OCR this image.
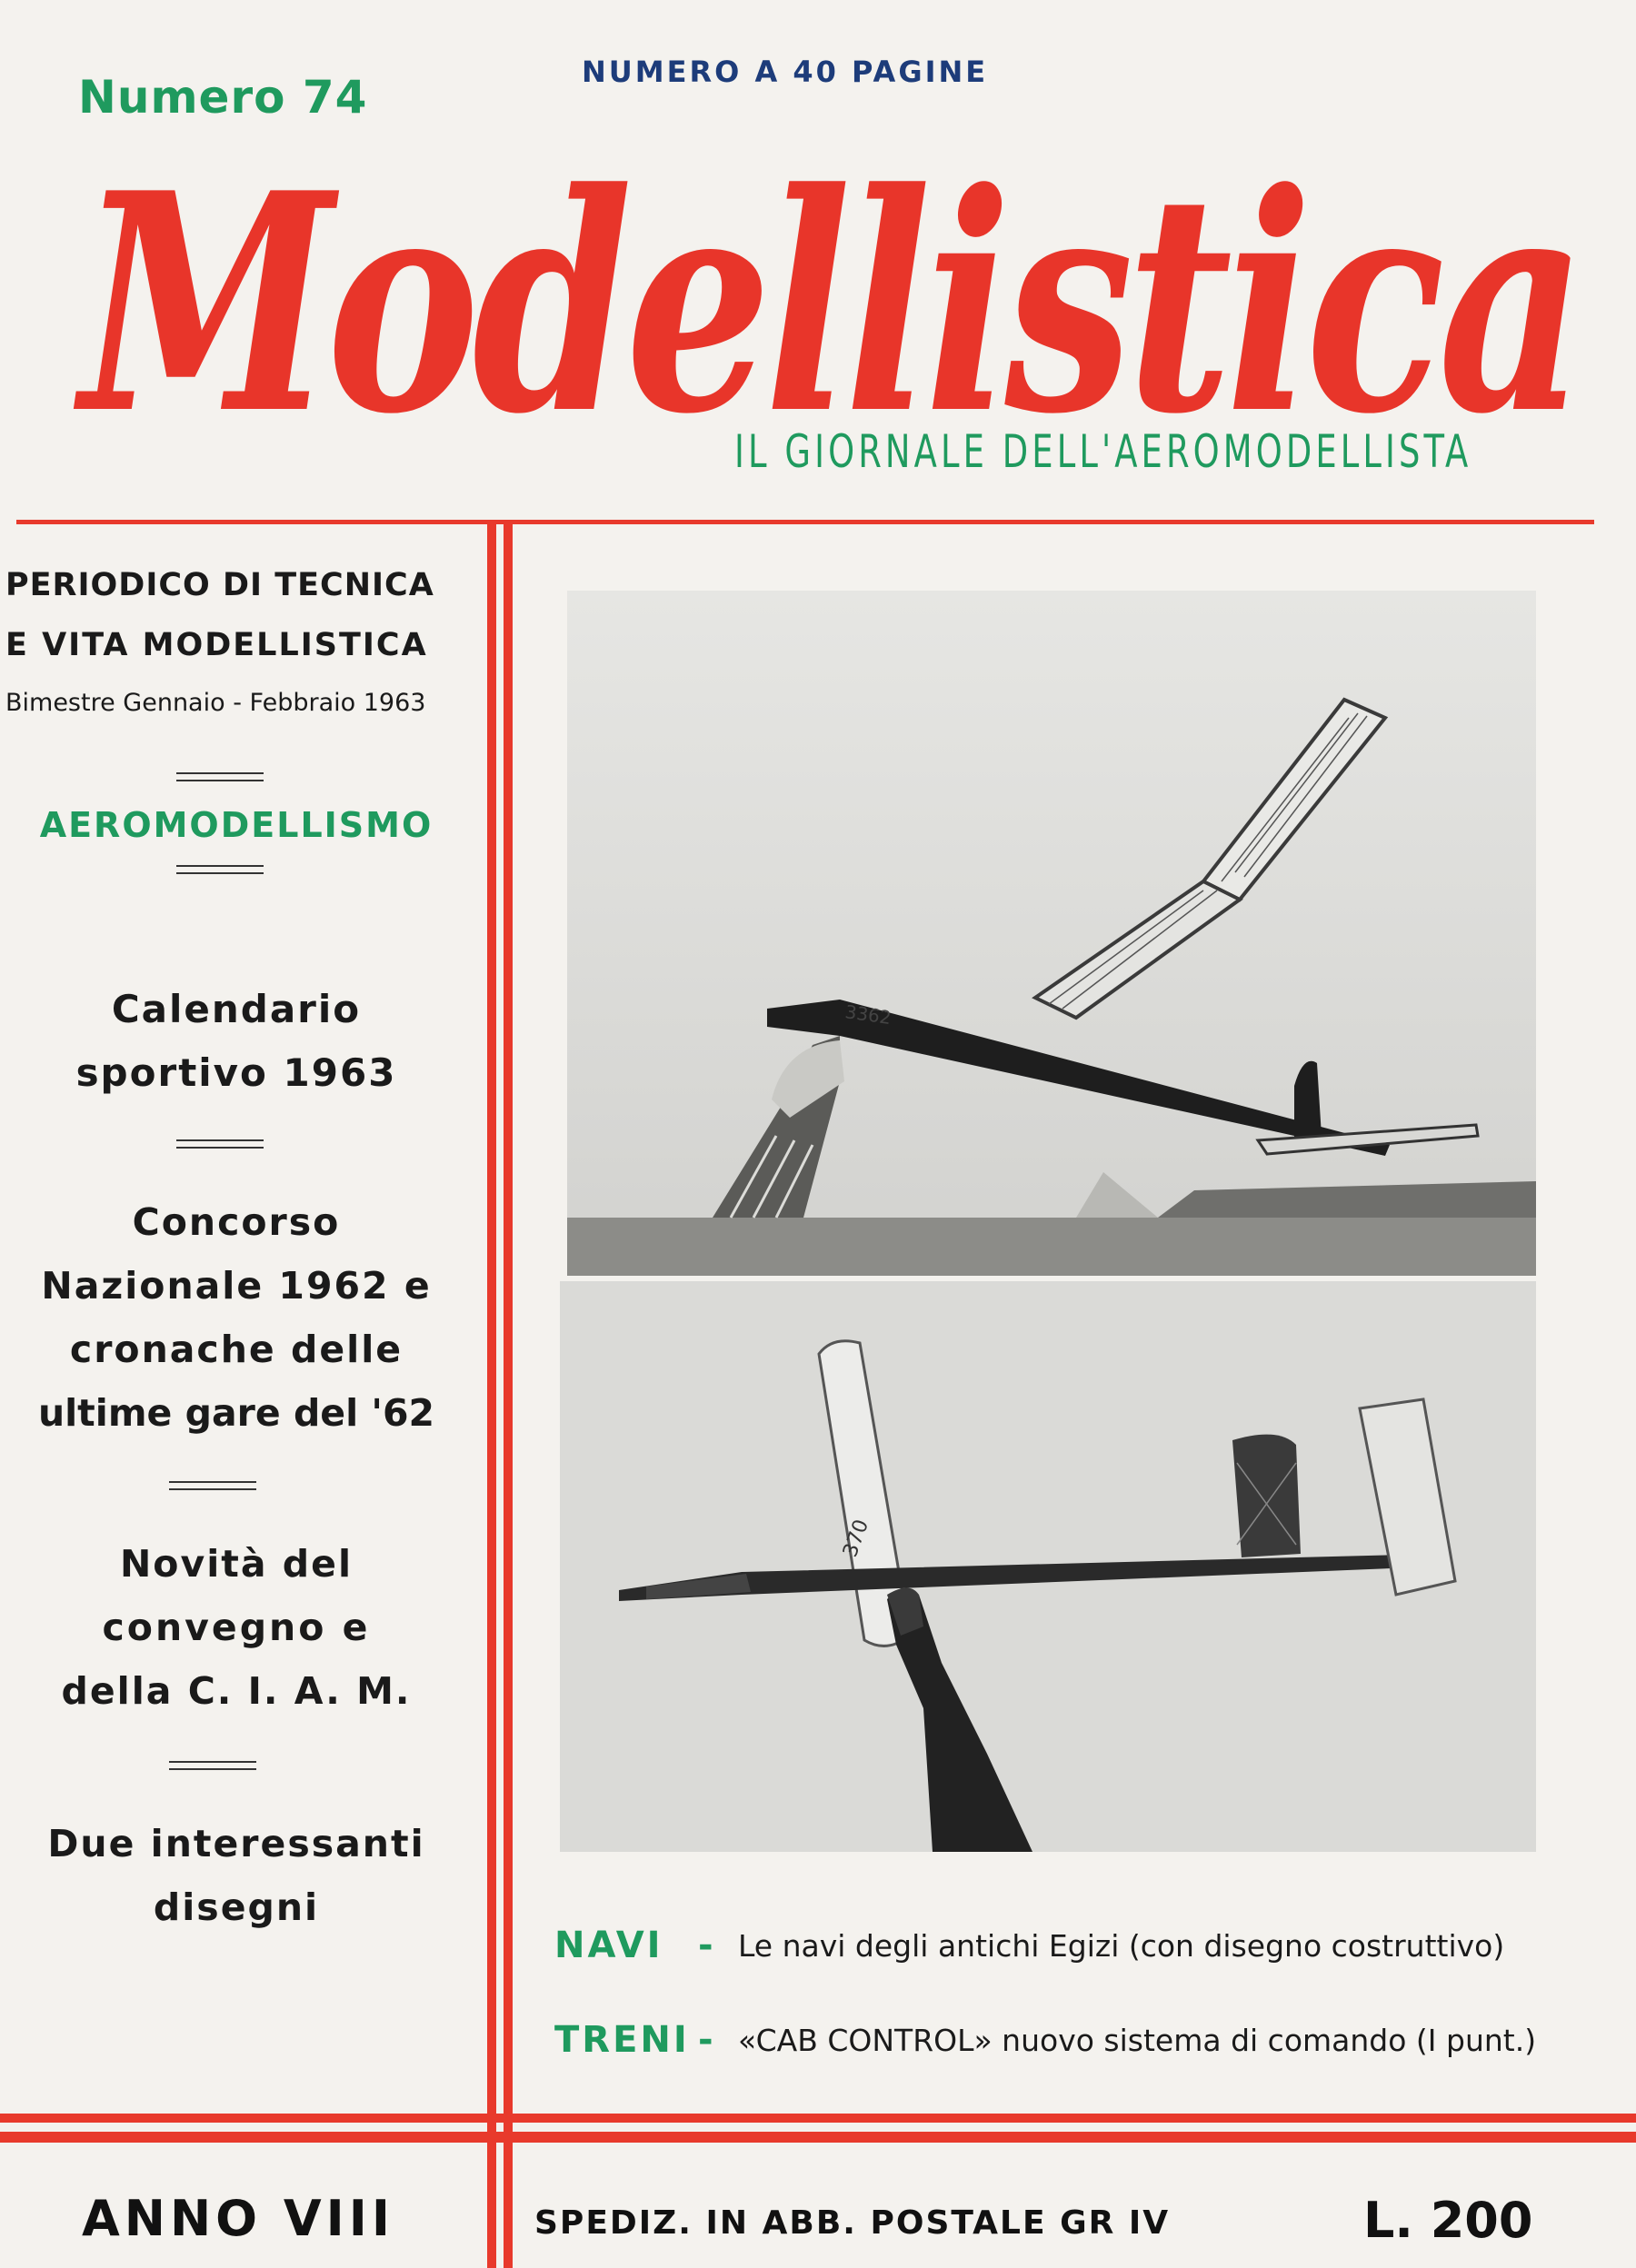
Numero 74	NUMERO A 40 PAGINE
Modellistica
IL GIORNALE DELL'AEROMODELLISTA
PERIODICO DI TECNICA
E VITA MODELLISTICA
Bimestre Gennaio - Febbraio 1963
AEROMODELLISMO
Calendario
sportivo 1963
Concorso
Nazionale 1962 e
cronache delle
ultime gare del '62
Novità del
convegno e
della C. I. A. M.
Due interessanti
disegni
3362
370
NAVI - Le navi degli antichi Egizi (con disegno costruttivo)
TRENI - «CAB CONTROL» nuovo sistema di comando (I punt.)
ANNO VIII	SPEDIZ. IN ABB. POSTALE GR IV	L. 200
